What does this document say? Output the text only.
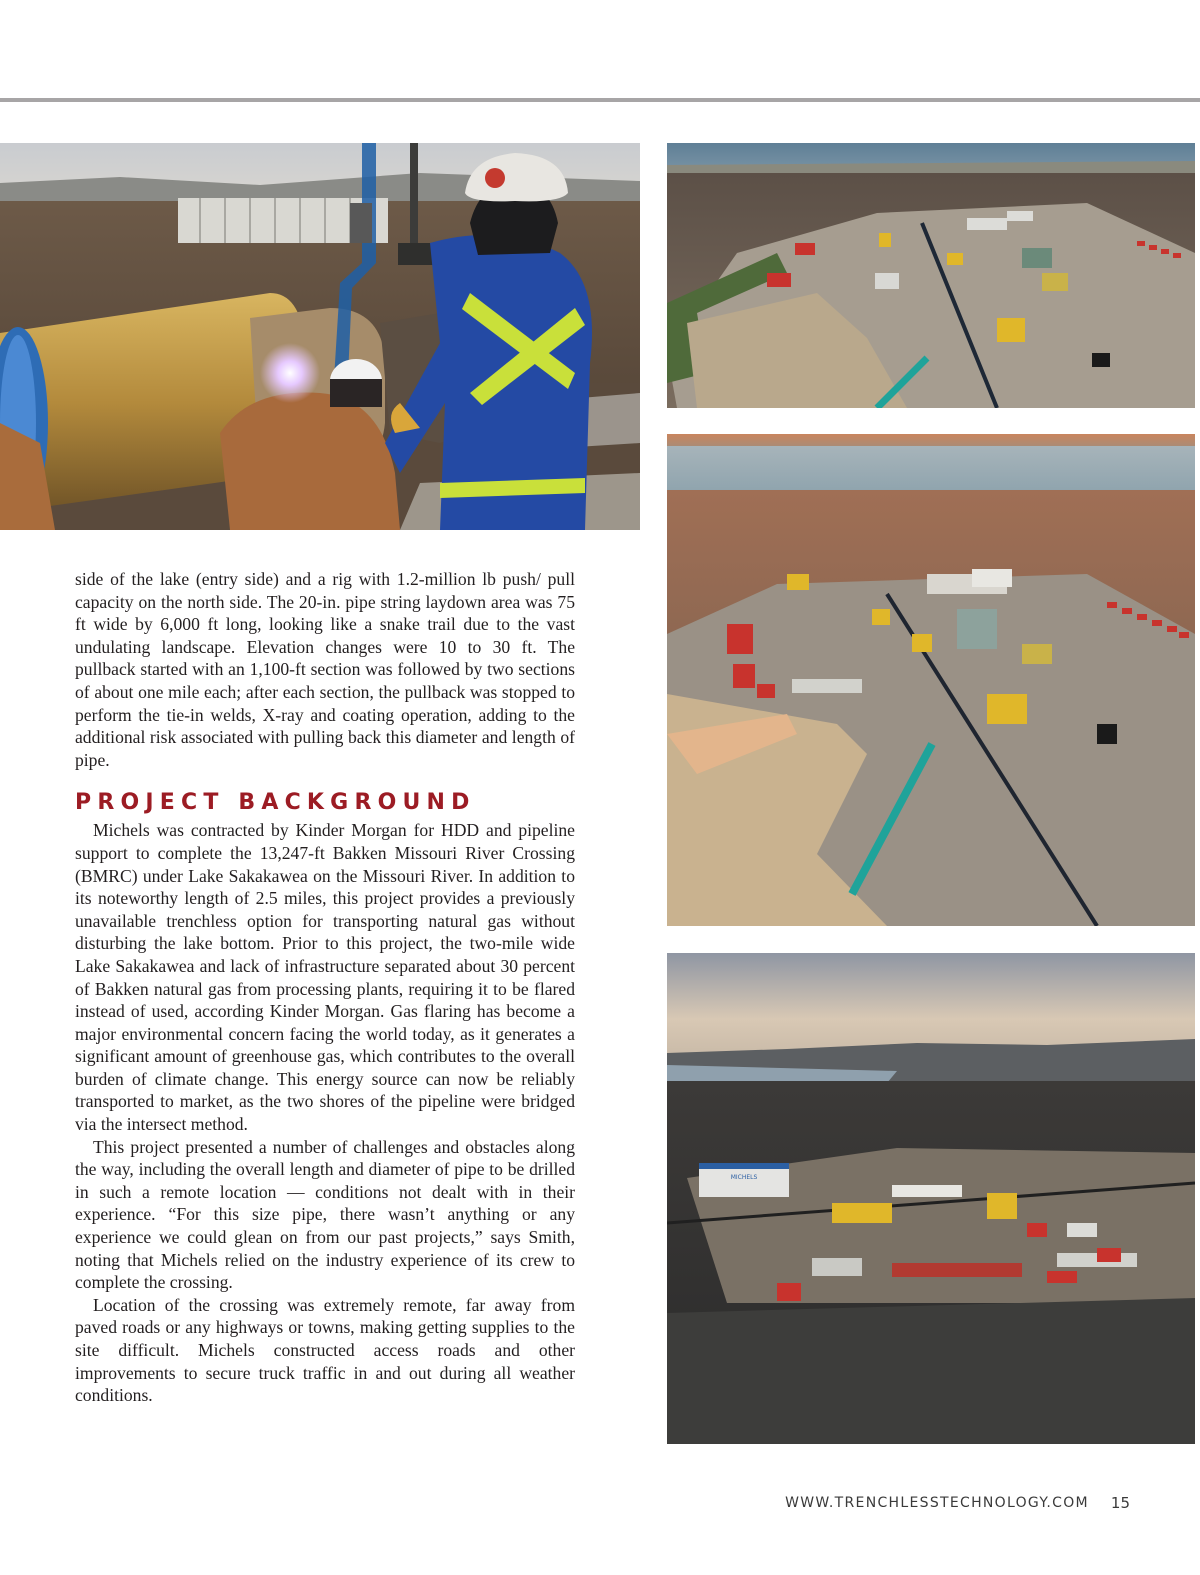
MICHELS

side of the lake (entry side) and a rig with 1.2-million lb push/ pull capacity on the north side. The 20-in. pipe string laydown area was 75 ft wide by 6,000 ft long, looking like a snake trail due to the vast undulating landscape. Elevation changes were 10 to 30 ft. The pullback started with an 1,100-ft section was followed by two sections of about one mile each; after each section, the pullback was stopped to perform the tie-in welds, X-ray and coating operation, adding to the additional risk associated with pulling back this diameter and length of pipe.

PROJECT BACKGROUND

Michels was contracted by Kinder Morgan for HDD and pipeline support to complete the 13,247-ft Bakken Missouri River Crossing (BMRC) under Lake Sakakawea on the Missouri River. In addition to its noteworthy length of 2.5 miles, this project provides a previously unavailable trenchless option for transporting natural gas without disturbing the lake bottom. Prior to this project, the two-mile wide Lake Sakakawea and lack of infrastructure separated about 30 percent of Bakken natural gas from processing plants, requiring it to be flared instead of used, according Kinder Morgan. Gas flaring has become a major environmental concern facing the world today, as it generates a significant amount of greenhouse gas, which contributes to the overall burden of climate change. This energy source can now be reliably transported to market, as the two shores of the pipeline were bridged via the intersect method.

This project presented a number of challenges and obstacles along the way, including the overall length and diameter of pipe to be drilled in such a remote location — conditions not dealt with in their experience. “For this size pipe, there wasn’t anything or any experience we could glean on from our past projects,” says Smith, noting that Michels relied on the industry experience of its crew to complete the crossing.

Location of the crossing was extremely remote, far away from paved roads or any highways or towns, making getting supplies to the site difficult. Michels constructed access roads and other improvements to secure truck traffic in and out during all weather conditions.

WWW.TRENCHLESSTECHNOLOGY.COM 15
